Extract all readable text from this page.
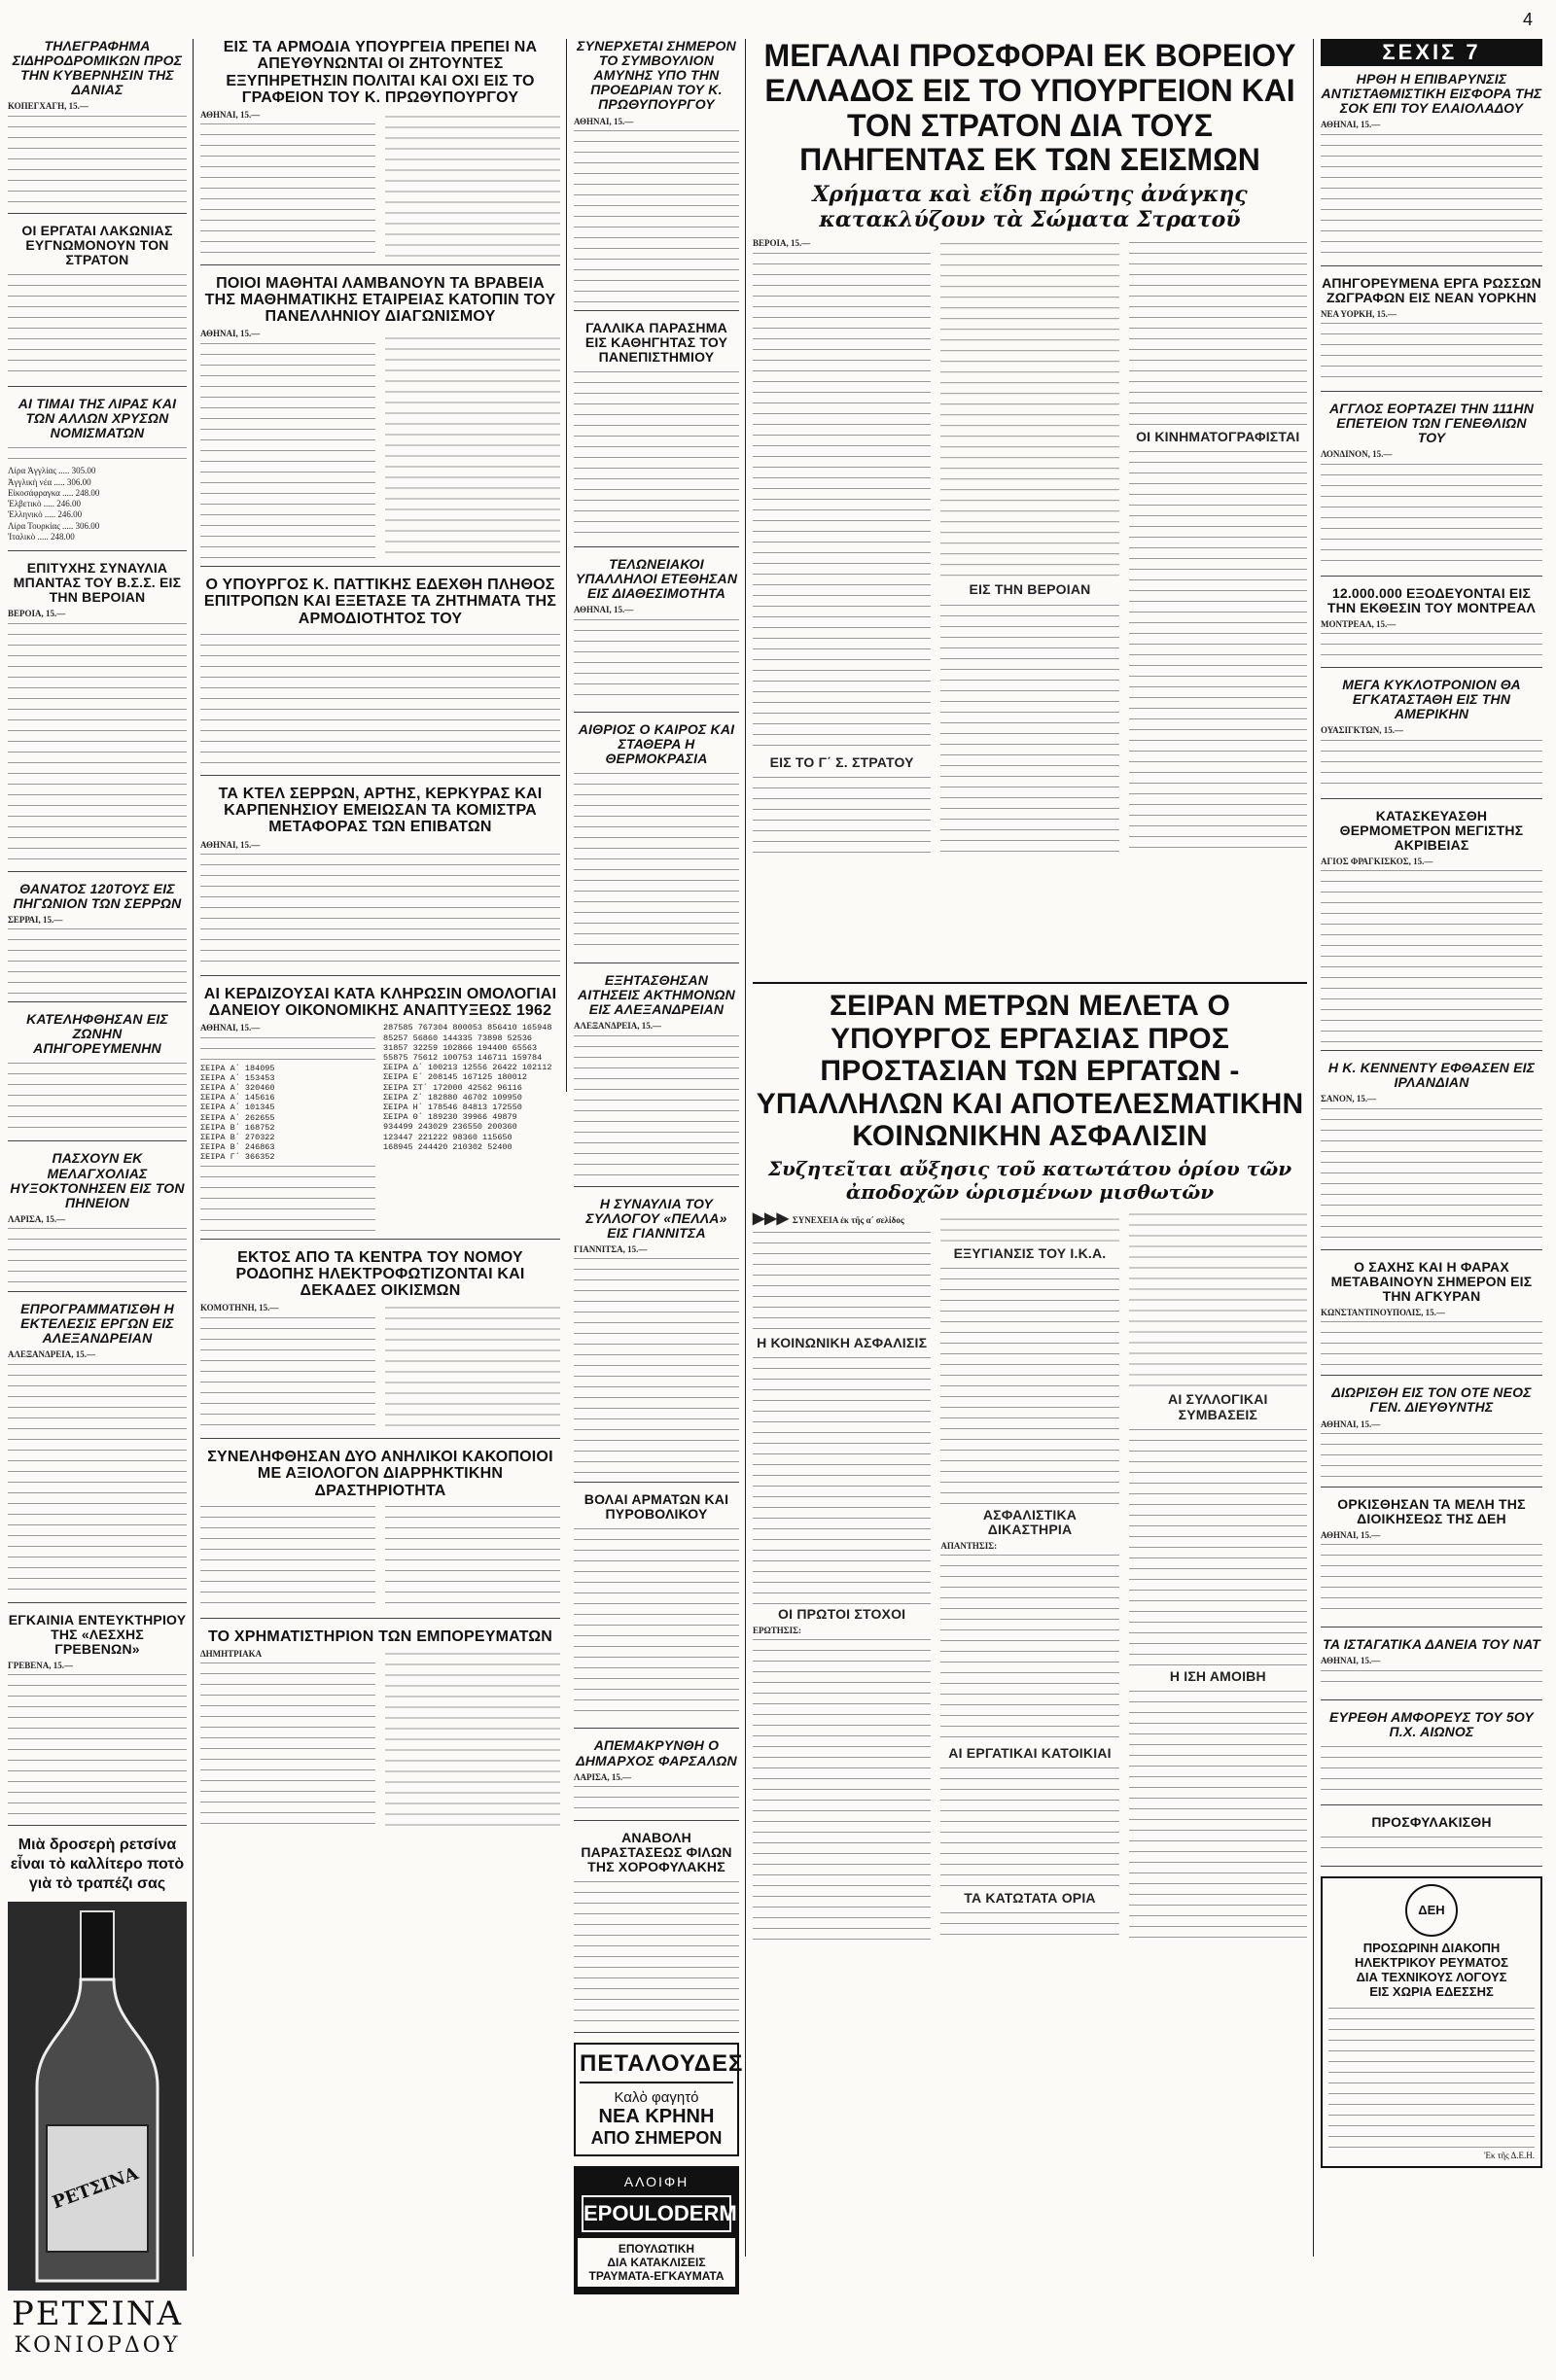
4
ΤΗΛΕΓΡΑΦΗΜΑ ΣΙΔΗΡΟΔΡΟΜΙΚΩΝ ΠΡΟΣ ΤΗΝ ΚΥΒΕΡΝΗΣΙΝ ΤΗΣ ΔΑΝΙΑΣ
ΚΟΠΕΓΧΑΓΗ, 15.—
ΟΙ ΕΡΓΑΤΑΙ ΛΑΚΩΝΙΑΣ ΕΥΓΝΩΜΟΝΟΥΝ ΤΟΝ ΣΤΡΑΤΟΝ
ΑΙ ΤΙΜΑΙ ΤΗΣ ΛΙΡΑΣ ΚΑΙ ΤΩΝ ΑΛΛΩΝ ΧΡΥΣΩΝ ΝΟΜΙΣΜΑΤΩΝ
Λίρα Ἀγγλίας ..... 305.00
Ἀγγλικὴ νέα ..... 306.00
Εἰκοσάφραγκα ..... 248.00
Ἐλβετικὸ ..... 246.00
Ἑλληνικὸ ..... 246.00
Λίρα Τουρκίας ..... 306.00
Ἰταλικὸ ..... 248.00
ΕΠΙΤΥΧΗΣ ΣΥΝΑΥΛΙΑ ΜΠΑΝΤΑΣ ΤΟΥ Β.Σ.Σ. ΕΙΣ ΤΗΝ ΒΕΡΟΙΑΝ
ΒΕΡΟΙΑ, 15.—
ΘΑΝΑΤΟΣ 120ΤΟΥΣ ΕΙΣ ΠΗΓΩΝΙΟΝ ΤΩΝ ΣΕΡΡΩΝ
ΣΕΡΡΑΙ, 15.—
ΚΑΤΕΛΗΦΘΗΣΑΝ ΕΙΣ ΖΩΝΗΝ ΑΠΗΓΟΡΕΥΜΕΝΗΝ
ΠΑΣΧΟΥΝ ΕΚ ΜΕΛΑΓΧΟΛΙΑΣ ΗΥΞΟΚΤΟΝΗΣΕΝ ΕΙΣ ΤΟΝ ΠΗΝΕΙΟΝ
ΛΑΡΙΣΑ, 15.—
ΕΠΡΟΓΡΑΜΜΑΤΙΣΘΗ Η ΕΚΤΕΛΕΣΙΣ ΕΡΓΩΝ ΕΙΣ ΑΛΕΞΑΝΔΡΕΙΑΝ
ΑΛΕΞΑΝΔΡΕΙΑ, 15.—
ΕΓΚΑΙΝΙΑ ΕΝΤΕΥΚΤΗΡΙΟΥ ΤΗΣ «ΛΕΣΧΗΣ ΓΡΕΒΕΝΩΝ»
ΓΡΕΒΕΝΑ, 15.—
Μιὰ δροσερὴ ρετσίνα
εἶναι τὸ καλλίτερο ποτὸ
γιὰ τὸ τραπέζι σας
ΡΕΤΣΙΝΑ
ΡΕΤΣΙΝΑ
ΚΟΝΙΟΡΔΟΥ
ΕΙΣ ΤΑ ΑΡΜΟΔΙΑ ΥΠΟΥΡΓΕΙΑ ΠΡΕΠΕΙ ΝΑ ΑΠΕΥΘΥΝΩΝΤΑΙ ΟΙ ΖΗΤΟΥΝΤΕΣ ΕΞΥΠΗΡΕΤΗΣΙΝ ΠΟΛΙΤΑΙ ΚΑΙ ΟΧΙ ΕΙΣ ΤΟ ΓΡΑΦΕΙΟΝ ΤΟΥ Κ. ΠΡΩΘΥΠΟΥΡΓΟΥ
ΑΘΗΝΑΙ, 15.—
ΠΟΙΟΙ ΜΑΘΗΤΑΙ ΛΑΜΒΑΝΟΥΝ ΤΑ ΒΡΑΒΕΙΑ ΤΗΣ ΜΑΘΗΜΑΤΙΚΗΣ ΕΤΑΙΡΕΙΑΣ ΚΑΤΟΠΙΝ ΤΟΥ ΠΑΝΕΛΛΗΝΙΟΥ ΔΙΑΓΩΝΙΣΜΟΥ
ΑΘΗΝΑΙ, 15.—
Ο ΥΠΟΥΡΓΟΣ Κ. ΠΑΤΤΙΚΗΣ ΕΔΕΧΘΗ ΠΛΗΘΟΣ ΕΠΙΤΡΟΠΩΝ ΚΑΙ ΕΞΕΤΑΣΕ ΤΑ ΖΗΤΗΜΑΤΑ ΤΗΣ ΑΡΜΟΔΙΟΤΗΤΟΣ ΤΟΥ
ΤΑ ΚΤΕΛ ΣΕΡΡΩΝ, ΑΡΤΗΣ, ΚΕΡΚΥΡΑΣ ΚΑΙ ΚΑΡΠΕΝΗΣΙΟΥ ΕΜΕΙΩΣΑΝ ΤΑ ΚΟΜΙΣΤΡΑ ΜΕΤΑΦΟΡΑΣ ΤΩΝ ΕΠΙΒΑΤΩΝ
ΑΘΗΝΑΙ, 15.—
ΑΙ ΚΕΡΔΙΖΟΥΣΑΙ ΚΑΤΑ ΚΛΗΡΩΣΙΝ ΟΜΟΛΟΓΙΑΙ ΔΑΝΕΙΟΥ ΟΙΚΟΝΟΜΙΚΗΣ ΑΝΑΠΤΥΞΕΩΣ 1962
ΑΘΗΝΑΙ, 15.—
ΣΕΙΡΑ Α΄ 184095
ΣΕΙΡΑ Α΄ 153453
ΣΕΙΡΑ Α΄ 320460
ΣΕΙΡΑ Α΄ 145616
ΣΕΙΡΑ Α΄ 101345
ΣΕΙΡΑ Α΄ 262655
ΣΕΙΡΑ Β΄ 168752
ΣΕΙΡΑ Β΄ 270322
ΣΕΙΡΑ Β΄ 246863
ΣΕΙΡΑ Γ΄ 366352
287585 767304 800053 856410 165948
85257 56860 144335 73898 52536
31857 32259 102866 194400 65563
55875 75612 100753 146711 159784
ΣΕΙΡΑ Δ΄ 100213 12556 26422 102112
ΣΕΙΡΑ Ε΄ 208145 167125 180012
ΣΕΙΡΑ ΣΤ΄ 172000 42562 96116
ΣΕΙΡΑ Ζ΄ 182880 46702 109950
ΣΕΙΡΑ Η΄ 178546 84813 172550
ΣΕΙΡΑ Θ΄ 189230 39966 49879
934499 243029 236550 200360
123447 221222 98360 115650
168945 244420 210302 52400
ΕΚΤΟΣ ΑΠΟ ΤΑ ΚΕΝΤΡΑ ΤΟΥ ΝΟΜΟΥ ΡΟΔΟΠΗΣ ΗΛΕΚΤΡΟΦΩΤΙΖΟΝΤΑΙ ΚΑΙ ΔΕΚΑΔΕΣ ΟΙΚΙΣΜΩΝ
ΚΟΜΟΤΗΝΗ, 15.—
ΣΥΝΕΛΗΦΘΗΣΑΝ ΔΥΟ ΑΝΗΛΙΚΟΙ ΚΑΚΟΠΟΙΟΙ ΜΕ ΑΞΙΟΛΟΓΟΝ ΔΙΑΡΡΗΚΤΙΚΗΝ ΔΡΑΣΤΗΡΙΟΤΗΤΑ
ΤΟ ΧΡΗΜΑΤΙΣΤΗΡΙΟΝ ΤΩΝ ΕΜΠΟΡΕΥΜΑΤΩΝ
ΔΗΜΗΤΡΙΑΚΑ
ΣΥΝΕΡΧΕΤΑΙ ΣΗΜΕΡΟΝ ΤΟ ΣΥΜΒΟΥΛΙΟΝ ΑΜΥΝΗΣ ΥΠΟ ΤΗΝ ΠΡΟΕΔΡΙΑΝ ΤΟΥ Κ. ΠΡΩΘΥΠΟΥΡΓΟΥ
ΑΘΗΝΑΙ, 15.—
ΓΑΛΛΙΚΑ ΠΑΡΑΣΗΜΑ ΕΙΣ ΚΑΘΗΓΗΤΑΣ ΤΟΥ ΠΑΝΕΠΙΣΤΗΜΙΟΥ
ΤΕΛΩΝΕΙΑΚΟΙ ΥΠΑΛΛΗΛΟΙ ΕΤΕΘΗΣΑΝ ΕΙΣ ΔΙΑΘΕΣΙΜΟΤΗΤΑ
ΑΘΗΝΑΙ, 15.—
ΑΙΘΡΙΟΣ Ο ΚΑΙΡΟΣ ΚΑΙ ΣΤΑΘΕΡΑ Η ΘΕΡΜΟΚΡΑΣΙΑ
ΕΞΗΤΑΣΘΗΣΑΝ ΑΙΤΗΣΕΙΣ ΑΚΤΗΜΟΝΩΝ ΕΙΣ ΑΛΕΞΑΝΔΡΕΙΑΝ
ΑΛΕΞΑΝΔΡΕΙΑ, 15.—
Η ΣΥΝΑΥΛΙΑ ΤΟΥ ΣΥΛΛΟΓΟΥ «ΠΕΛΛΑ» ΕΙΣ ΓΙΑΝΝΙΤΣΑ
ΓΙΑΝΝΙΤΣΑ, 15.—
ΒΟΛΑΙ ΑΡΜΑΤΩΝ ΚΑΙ ΠΥΡΟΒΟΛΙΚΟΥ
ΑΠΕΜΑΚΡΥΝΘΗ Ο ΔΗΜΑΡΧΟΣ ΦΑΡΣΑΛΩΝ
ΛΑΡΙΣΑ, 15.—
ΑΝΑΒΟΛΗ ΠΑΡΑΣΤΑΣΕΩΣ ΦΙΛΩΝ ΤΗΣ ΧΟΡΟΦΥΛΑΚΗΣ
ΠΕΤΑΛΟΥΔΕΣ
Καλὸ φαγητό
ΝΕΑ ΚΡΗΝΗ
ΑΠΟ ΣΗΜΕΡΟΝ
ΑΛΟΙΦΗ
ΕΡΟULODERM
ΕΠΟΥΛΩΤΙΚΗ
ΔΙΑ ΚΑΤΑΚΛΙΣΕΙΣ
ΤΡΑΥΜΑΤΑ-ΕΓΚΑΥΜΑΤΑ
ΜΕΓΑΛΑΙ ΠΡΟΣΦΟΡΑΙ ΕΚ ΒΟΡΕΙΟΥ ΕΛΛΑΔΟΣ ΕΙΣ ΤΟ ΥΠΟΥΡΓΕΙΟΝ ΚΑΙ ΤΟΝ ΣΤΡΑΤΟΝ ΔΙΑ ΤΟΥΣ ΠΛΗΓΕΝΤΑΣ ΕΚ ΤΩΝ ΣΕΙΣΜΩΝ
Χρήματα καὶ εἴδη πρώτης ἀνάγκης κατακλύζουν τὰ Σώματα Στρατοῦ
ΒΕΡΟΙΑ, 15.—
ΕΙΣ ΤΟ Γ΄ Σ. ΣΤΡΑΤΟΥ
ΕΙΣ ΤΗΝ ΒΕΡΟΙΑΝ
ΟΙ ΚΙΝΗΜΑΤΟΓΡΑΦΙΣΤΑΙ
ΣΕΙΡΑΝ ΜΕΤΡΩΝ ΜΕΛΕΤΑ Ο ΥΠΟΥΡΓΟΣ ΕΡΓΑΣΙΑΣ ΠΡΟΣ ΠΡΟΣΤΑΣΙΑΝ ΤΩΝ ΕΡΓΑΤΩΝ - ΥΠΑΛΛΗΛΩΝ ΚΑΙ ΑΠΟΤΕΛΕΣΜΑΤΙΚΗΝ ΚΟΙΝΩΝΙΚΗΝ ΑΣΦΑΛΙΣΙΝ
Συζητεῖται αὔξησις τοῦ κατωτάτου ὁρίου τῶν ἀποδοχῶν ὡρισμένων μισθωτῶν
▶▶▶ ΣΥΝΕΧΕΙΑ ἐκ τῆς α΄ σελίδος
Η ΚΟΙΝΩΝΙΚΗ ΑΣΦΑΛΙΣΙΣ
ΟΙ ΠΡΩΤΟΙ ΣΤΟΧΟΙ
ΕΡΩΤΗΣΙΣ:
ΕΞΥΓΙΑΝΣΙΣ ΤΟΥ Ι.Κ.Α.
ΑΣΦΑΛΙΣΤΙΚΑ ΔΙΚΑΣΤΗΡΙΑ
ΑΠΑΝΤΗΣΙΣ:
ΑΙ ΕΡΓΑΤΙΚΑΙ ΚΑΤΟΙΚΙΑΙ
ΤΑ ΚΑΤΩΤΑΤΑ ΟΡΙΑ
ΑΙ ΣΥΛΛΟΓΙΚΑΙ ΣΥΜΒΑΣΕΙΣ
Η ΙΣΗ ΑΜΟΙΒΗ
ΣΕΧΙΣ 7
ΗΡΘΗ Η ΕΠΙΒΑΡΥΝΣΙΣ ΑΝΤΙΣΤΑΘΜΙΣΤΙΚΗ ΕΙΣΦΟΡΑ ΤΗΣ ΣΟΚ ΕΠΙ ΤΟΥ ΕΛΑΙΟΛΑΔΟΥ
ΑΘΗΝΑΙ, 15.—
ΑΠΗΓΟΡΕΥΜΕΝΑ ΕΡΓΑ ΡΩΣΣΩΝ ΖΩΓΡΑΦΩΝ ΕΙΣ ΝΕΑΝ ΥΟΡΚΗΝ
ΝΕΑ ΥΟΡΚΗ, 15.—
ΑΓΓΛΟΣ ΕΟΡΤΑΖΕΙ ΤΗΝ 111ΗΝ ΕΠΕΤΕΙΟΝ ΤΩΝ ΓΕΝΕΘΛΙΩΝ ΤΟΥ
ΛΟΝΔΙΝΟΝ, 15.—
12.000.000 ΕΞΟΔΕΥΟΝΤΑΙ ΕΙΣ ΤΗΝ ΕΚΘΕΣΙΝ ΤΟΥ ΜΟΝΤΡΕΑΛ
ΜΟΝΤΡΕΑΛ, 15.—
ΜΕΓΑ ΚΥΚΛΟΤΡΟΝΙΟΝ ΘΑ ΕΓΚΑΤΑΣΤΑΘΗ ΕΙΣ ΤΗΝ ΑΜΕΡΙΚΗΝ
ΟΥΑΣΙΓΚΤΩΝ, 15.—
ΚΑΤΑΣΚΕΥΑΣΘΗ ΘΕΡΜΟΜΕΤΡΟΝ ΜΕΓΙΣΤΗΣ ΑΚΡΙΒΕΙΑΣ
ΑΓΙΟΣ ΦΡΑΓΚΙΣΚΟΣ, 15.—
Η Κ. ΚΕΝΝΕΝΤΥ ΕΦΘΑΣΕΝ ΕΙΣ ΙΡΛΑΝΔΙΑΝ
ΣΑΝΟΝ, 15.—
Ο ΣΑΧΗΣ ΚΑΙ Η ΦΑΡΑΧ ΜΕΤΑΒΑΙΝΟΥΝ ΣΗΜΕΡΟΝ ΕΙΣ ΤΗΝ ΑΓΚΥΡΑΝ
ΚΩΝΣΤΑΝΤΙΝΟΥΠΟΛΙΣ, 15.—
ΔΙΩΡΙΣΘΗ ΕΙΣ ΤΟΝ ΟΤΕ ΝΕΟΣ ΓΕΝ. ΔΙΕΥΘΥΝΤΗΣ
ΑΘΗΝΑΙ, 15.—
ΟΡΚΙΣΘΗΣΑΝ ΤΑ ΜΕΛΗ ΤΗΣ ΔΙΟΙΚΗΣΕΩΣ ΤΗΣ ΔΕΗ
ΑΘΗΝΑΙ, 15.—
ΤΑ ΙΣΤΑΓΑΤΙΚΑ ΔΑΝΕΙΑ ΤΟΥ ΝΑΤ
ΑΘΗΝΑΙ, 15.—
ΕΥΡΕΘΗ ΑΜΦΟΡΕΥΣ ΤΟΥ 5ΟΥ Π.Χ. ΑΙΩΝΟΣ
ΠΡΟΣΦΥΛΑΚΙΣΘΗ
ΔΕΗ
ΠΡΟΣΩΡΙΝΗ ΔΙΑΚΟΠΗ
ΗΛΕΚΤΡΙΚΟΥ ΡΕΥΜΑΤΟΣ
ΔΙΑ ΤΕΧΝΙΚΟΥΣ ΛΟΓΟΥΣ
ΕΙΣ ΧΩΡΙΑ ΕΔΕΣΣΗΣ
Ἐκ τῆς Δ.Ε.Η.
